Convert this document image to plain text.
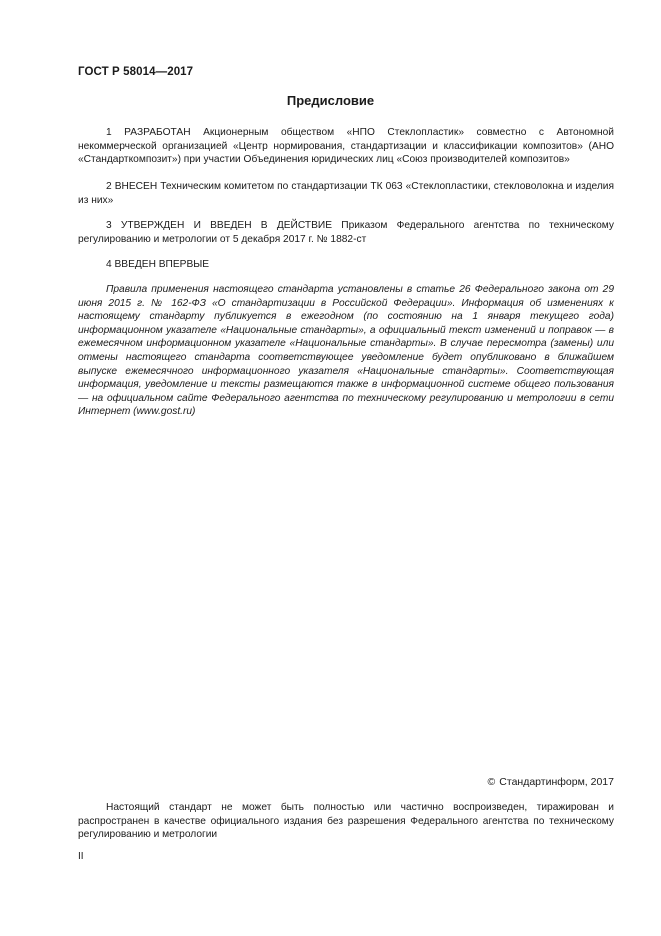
ГОСТ Р 58014—2017
Предисловие
1 РАЗРАБОТАН Акционерным обществом «НПО Стеклопластик» совместно с Автономной некоммерческой организацией «Центр нормирования, стандартизации и классификации композитов» (АНО «Стандарткомпозит») при участии Объединения юридических лиц «Союз производителей композитов»
2 ВНЕСЕН Техническим комитетом по стандартизации ТК 063 «Стеклопластики, стекловолокна и изделия из них»
3 УТВЕРЖДЕН И ВВЕДЕН В ДЕЙСТВИЕ Приказом Федерального агентства по техническому регулированию и метрологии от 5 декабря 2017 г. № 1882-ст
4 ВВЕДЕН ВПЕРВЫЕ
Правила применения настоящего стандарта установлены в статье 26 Федерального закона от 29 июня 2015 г. № 162-ФЗ «О стандартизации в Российской Федерации». Информация об изменениях к настоящему стандарту публикуется в ежегодном (по состоянию на 1 января текущего года) информационном указателе «Национальные стандарты», а официальный текст изменений и поправок — в ежемесячном информационном указателе «Национальные стандарты». В случае пересмотра (замены) или отмены настоящего стандарта соответствующее уведомление будет опубликовано в ближайшем выпуске ежемесячного информационного указателя «Национальные стандарты». Соответствующая информация, уведомление и тексты размещаются также в информационной системе общего пользования — на официальном сайте Федерального агентства по техническому регулированию и метрологии в сети Интернет (www.gost.ru)
© Стандартинформ, 2017
Настоящий стандарт не может быть полностью или частично воспроизведен, тиражирован и распространен в качестве официального издания без разрешения Федерального агентства по техническому регулированию и метрологии
II
